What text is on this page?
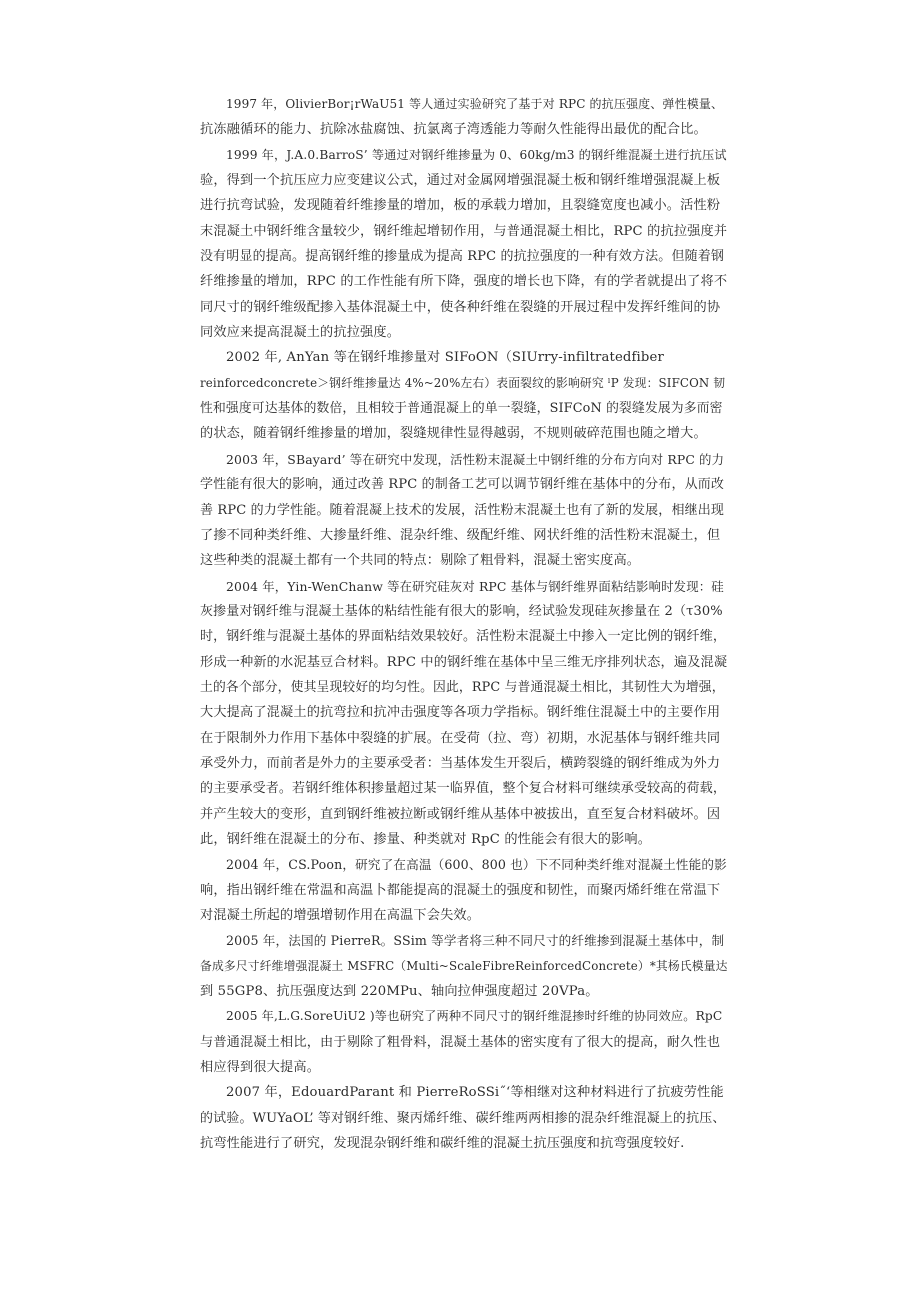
1997 年，OlivierBor¡rWaU51 等人通过实验研究了基于对 RPC 的抗压强度、弹性模量、
抗冻融循环的能力、抗除冰盐腐蚀、抗氯离子湾透能力等耐久性能得出最优的配合比。
1999 年，J.A.0.BarroS’ 等通过对钢纤维掺量为 0、60kg/m3 的钢纤维混凝土进行抗压试
验，得到一个抗压应力应变建议公式，通过对金属网增强混凝土板和钢纤维增强混凝上板
进行抗弯试验，发现随着纤维掺量的增加，板的承载力增加，且裂缝宽度也减小。活性粉
末混凝土中钢纤维含量较少，钢纤维起增韧作用，与普通混凝土相比，RPC 的抗拉强度并
没有明显的提高。提高钢纤维的掺量成为提高 RPC 的抗拉强度的一种有效方法。但随着钢
纤维掺量的增加，RPC 的工作性能有所下降，强度的增长也下降，有的学者就提出了将不
同尺寸的钢纤维级配掺入基体混凝土中，使各种纤维在裂缝的开展过程中发挥纤维间的协
同效应来提高混凝土的抗拉强度。
2002 年, AnYan 等在钢纤堆掺量对 SIFoON（SIUrry-infiltratedfiber
reinforcedconcrete＞钢纤维掺量达 4%~20%左右）表面裂纹的影响研究 ˡP 发现：SIFCON 韧
性和强度可达基体的数倍，且相较于普通混凝上的单一裂缝，SIFCoN 的裂缝发展为多而密
的状态，随着钢纤维掺量的增加，裂缝规律性显得越弱，不规则破碎范围也随之增大。
2003 年，SBayard’ 等在研究中发现，活性粉末混凝土中钢纤维的分布方向对 RPC 的力
学性能有很大的影响，通过改善 RPC 的制备工艺可以调节钢纤维在基体中的分布，从而改
善 RPC 的力学性能。随着混凝上技术的发展，活性粉末混凝土也有了新的发展，相继出现
了掺不同种类纤维、大掺量纤维、混杂纤维、级配纤维、网状纤维的活性粉末混凝土，但
这些种类的混凝土都有一个共同的特点：剔除了粗骨料，混凝土密实度高。
2004 年，Yin-WenChanw 等在研究硅灰对 RPC 基体与钢纤维界面粘结影响时发现：硅
灰掺量对钢纤维与混凝土基体的粘结性能有很大的影响，经试验发现硅灰掺量在 2（τ30%
时，钢纤维与混凝土基体的界面粘结效果较好。活性粉末混凝土中掺入一定比例的钢纤维，
形成一种新的水泥基豆合材料。RPC 中的钢纤维在基体中呈三维无序排列状态，遍及混凝
土的各个部分，使其呈现较好的均匀性。因此，RPC 与普通混凝土相比，其韧性大为增强，
大大提高了混凝土的抗弯拉和抗冲击强度等各项力学指标。钢纤维住混凝土中的主要作用
在于限制外力作用下基体中裂缝的扩展。在受荷（拉、弯）初期，水泥基体与钢纤维共同
承受外力，而前者是外力的主要承受者：当基体发生开裂后，横跨裂缝的钢纤维成为外力
的主要承受者。若钢纤维体积掺量超过某一临界值，整个复合材料可继续承受较高的荷载，
并产生较大的变形，直到钢纤维被拉断或钢纤维从基体中被拔出，直至复合材料破坏。因
此，钢纤维在混凝土的分布、掺量、种类就对 RpC 的性能会有很大的影响。
2004 年，CS.Poon，研究了在高温（600、800 也）下不同种类纤维对混凝土性能的影
响，指出钢纤维在常温和高温卜都能提高的混凝土的强度和韧性，而聚丙烯纤维在常温下
对混凝土所起的增强增韧作用在高温下会失效。
2005 年，法国的 PierreR。SSim 等学者将三种不同尺寸的纤维掺到混凝土基体中，制
备成多尺寸纤维增强混凝土 MSFRC（Multi~ScaleFibreReinforcedConcrete）*其杨氏模量达
到 55GP8、抗压强度达到 220MPu、轴向拉伸强度超过 20VPa。
2005 年,L.G.SoreUiU2 )等也研究了两种不同尺寸的钢纤维混掺时纤维的协同效应。RpC
与普通混凝土相比，由于剔除了粗骨料，混凝土基体的密实度有了很大的提高，耐久性也
相应得到很大提高。
2007 年，EdouardParant 和 PierreRoSSi˝‘等相继对这种材料进行了抗疲劳性能
的试验。WUYaOL’ 等对钢纤维、聚丙烯纤维、碳纤维两两相掺的混杂纤维混凝上的抗压、
抗弯性能进行了研究，发现混杂钢纤维和碳纤维的混凝土抗压强度和抗弯强度较好.
